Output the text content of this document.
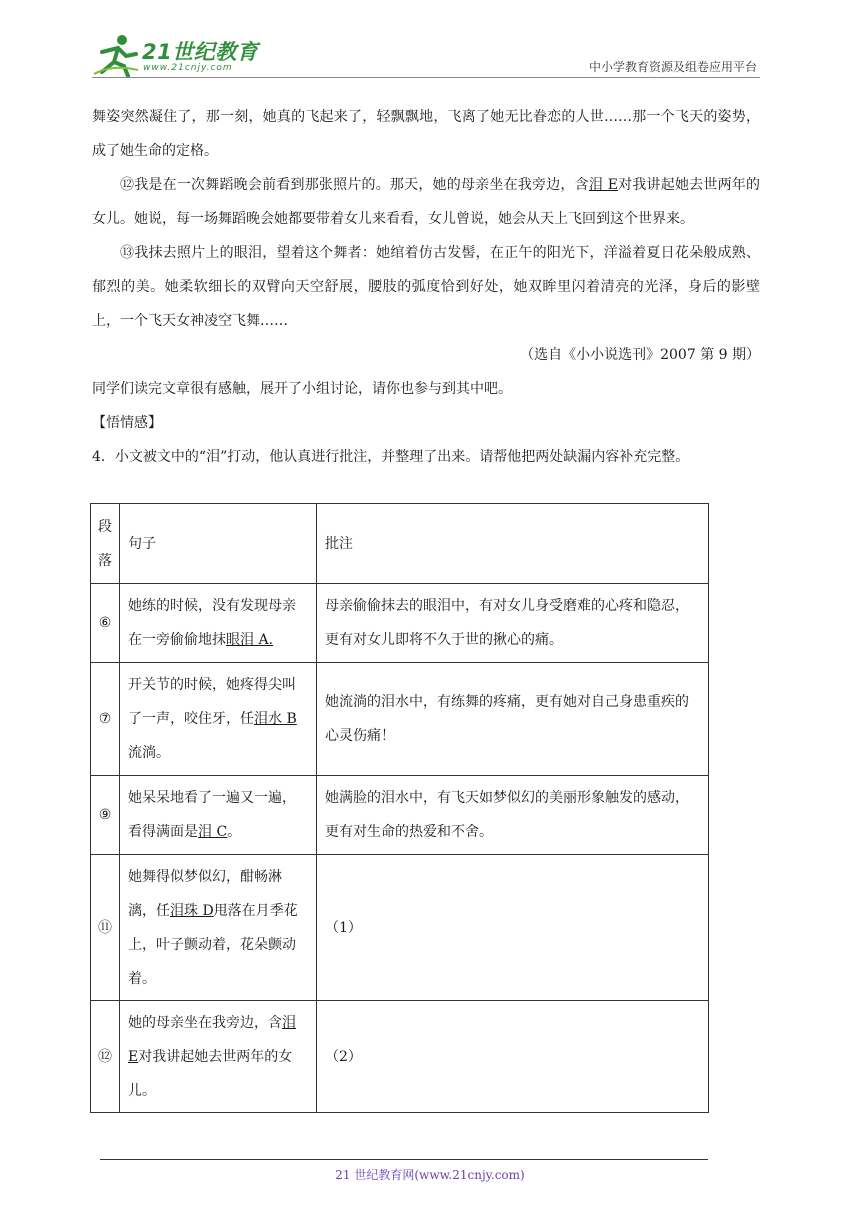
21世纪教育
www.21cnjy.com	中小学教育资源及组卷应用平台

舞姿突然凝住了，那一刻，她真的飞起来了，轻飘飘地，飞离了她无比眷恋的人世……那一个飞天的姿势，成了她生命的定格。

⑫我是在一次舞蹈晚会前看到那张照片的。那天，她的母亲坐在我旁边，含泪 E对我讲起她去世两年的女儿。她说，每一场舞蹈晚会她都要带着女儿来看看，女儿曾说，她会从天上飞回到这个世界来。

⑬我抹去照片上的眼泪，望着这个舞者：她绾着仿古发髻，在正午的阳光下，洋溢着夏日花朵般成熟、郁烈的美。她柔软细长的双臂向天空舒展，腰肢的弧度恰到好处，她双眸里闪着清亮的光泽，身后的影壁上，一个飞天女神凌空飞舞……

（选自《小小说选刊》2007 第 9 期）

同学们读完文章很有感触，展开了小组讨论，请你也参与到其中吧。

【悟情感】

4．小文被文中的“泪”打动，他认真进行批注，并整理了出来。请帮他把两处缺漏内容补充完整。

段落	句子	批注
⑥	她练的时候，没有发现母亲在一旁偷偷地抹眼泪 A.	母亲偷偷抹去的眼泪中，有对女儿身受磨难的心疼和隐忍，更有对女儿即将不久于世的揪心的痛。
⑦	开关节的时候，她疼得尖叫了一声，咬住牙，任泪水 B流淌。	她流淌的泪水中，有练舞的疼痛，更有她对自己身患重疾的心灵伤痛！
⑨	她呆呆地看了一遍又一遍，看得满面是泪 C。	她满脸的泪水中，有飞天如梦似幻的美丽形象触发的感动，更有对生命的热爱和不舍。
⑪	她舞得似梦似幻，酣畅淋漓，任泪珠 D甩落在月季花上，叶子颤动着，花朵颤动着。	（1）
⑫	她的母亲坐在我旁边，含泪 E对我讲起她去世两年的女儿。	（2）
21 世纪教育网(www.21cnjy.com)
